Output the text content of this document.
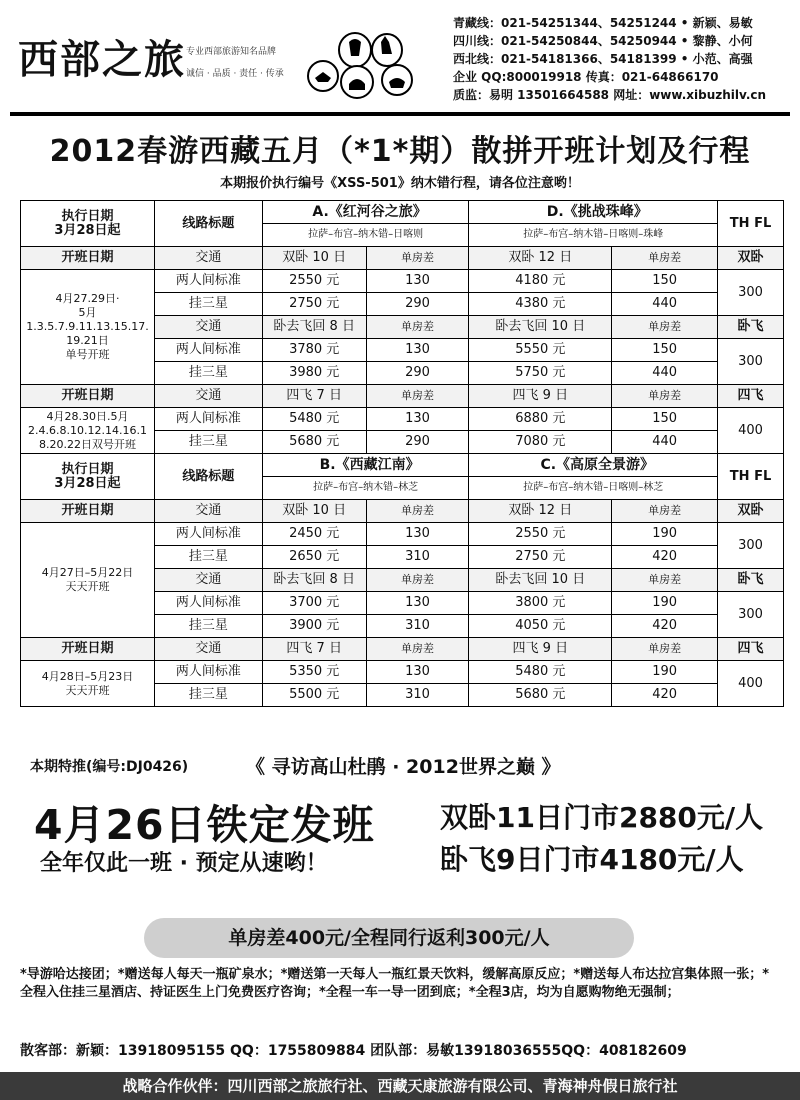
西部之旅 专业西部旅游知名品牌
诚信 · 品质 · 责任 · 传承
青藏线：021-54251344、54251244 • 新颖、易敏
四川线：021-54250844、54250944 • 黎静、小何
西北线：021-54181366、54181399 • 小范、高强
企业 QQ:800019918 传真：021-64866170
质监：易明 13501664588 网址：www.xibuzhilv.cn
2012春游西藏五月（*1*期）散拼开班计划及行程
本期报价执行编号《XSS-501》纳木错行程，请各位注意哟！
执行日期
3月28日起	线路标题	A.《红河谷之旅》		D.《挑战珠峰》		TH FL
		拉萨–布宫–纳木错–日喀则		拉萨–布宫–纳木错–日喀则–珠峰		
开班日期	交通	双卧 10 日	单房差	双卧 12 日	单房差	双卧

4月27.29日·
5月
1.3.5.7.9.11.13.15.17.
19.21日
单号开班	两人间标准	2550 元	130	4180 元	150	300
	挂三星	2750 元	290	4380 元	440	
	交通	卧去飞回 8 日	单房差	卧去飞回 10 日	单房差	卧飞
	两人间标准	3780 元	130	5550 元	150	300
	挂三星	3980 元	290	5750 元	440	
开班日期	交通	四飞 7 日	单房差	四飞 9 日	单房差	四飞

4月28.30日.5月
2.4.6.8.10.12.14.16.1
8.20.22日双号开班	两人间标准	5480 元	130	6880 元	150	400
	挂三星	5680 元	290	7080 元	440	
执行日期
3月28日起	线路标题	B.《西藏江南》		C.《高原全景游》		TH FL
		拉萨–布宫–纳木错–林芝		拉萨–布宫–纳木错–日喀则–林芝		
开班日期	交通	双卧 10 日	单房差	双卧 12 日	单房差	双卧

4月27日–5月22日
天天开班	两人间标准	2450 元	130	2550 元	190	300
	挂三星	2650 元	310	2750 元	420	
	交通	卧去飞回 8 日	单房差	卧去飞回 10 日	单房差	卧飞
	两人间标准	3700 元	130	3800 元	190	300
	挂三星	3900 元	310	4050 元	420	
开班日期	交通	四飞 7 日	单房差	四飞 9 日	单房差	四飞

4月28日–5月23日
天天开班	两人间标准	5350 元	130	5480 元	190	400
	挂三星	5500 元	310	5680 元	420	
本期特推(编号:DJ0426)	《 寻访高山杜鹃 · 2012世界之巅 》
4月26日铁定发班
全年仅此一班 · 预定从速哟！
双卧11日门市2880元/人
卧飞9日门市4180元/人
单房差400元/全程同行返利300元/人
*导游哈达接团；*赠送每人每天一瓶矿泉水；*赠送第一天每人一瓶红景天饮料，缓解高原反应；*赠送每人布达拉宫集体照一张；*全程入住挂三星酒店、持证医生上门免费医疗咨询；*全程一车一导一团到底；*全程3店，均为自愿购物绝无强制；
散客部：新颖：13918095155 QQ：1755809884 团队部：易敏13918036555QQ：408182609
战略合作伙伴：四川西部之旅旅行社、西藏天康旅游有限公司、青海神舟假日旅行社
